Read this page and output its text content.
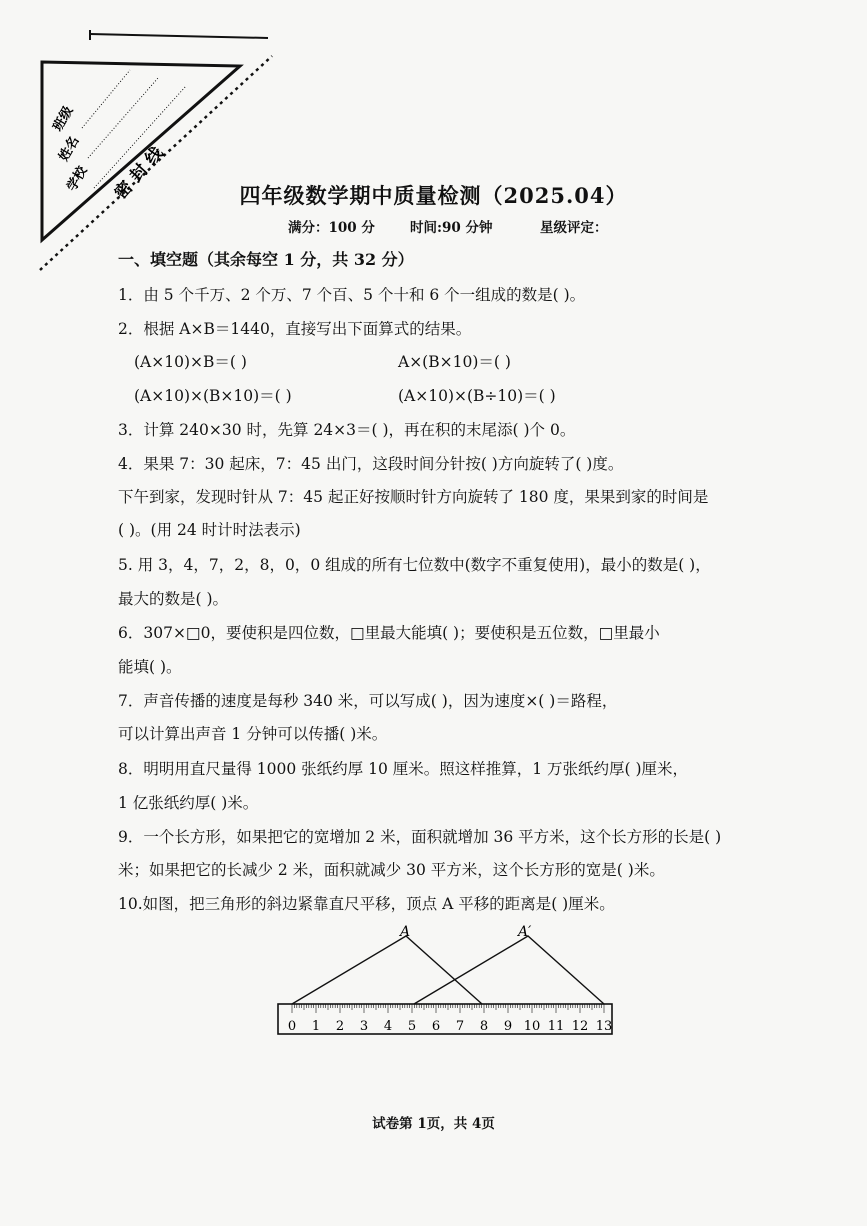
班级
姓名
学校 密 封 线	四年级数学期中质量检测（2025.04）
满分：100 分	时间:90 分钟	星级评定：
一、填空题（其余每空 1 分，共 32 分）
1．由 5 个千万、2 个万、7 个百、5 个十和 6 个一组成的数是( )。
2．根据 A×B＝1440，直接写出下面算式的结果。
(A×10)×B＝( )	A×(B×10)＝( )
(A×10)×(B×10)＝( )	(A×10)×(B÷10)＝( )
3．计算 240×30 时，先算 24×3＝( )，再在积的末尾添( )个 0。
4．果果 7：30 起床，7：45 出门，这段时间分针按( )方向旋转了( )度。
下午到家，发现时针从 7：45 起正好按顺时针方向旋转了 180 度，果果到家的时间是
( )。(用 24 时计时法表示)
5. 用 3，4，7，2，8，0，0 组成的所有七位数中(数字不重复使用)，最小的数是( )，
最大的数是( )。
6．307×□0，要使积是四位数，□里最大能填( )；要使积是五位数，□里最小
能填( )。
7．声音传播的速度是每秒 340 米，可以写成( )，因为速度×( )＝路程，
可以计算出声音 1 分钟可以传播( )米。
8．明明用直尺量得 1000 张纸约厚 10 厘米。照这样推算，1 万张纸约厚( )厘米，
1 亿张纸约厚( )米。
9．一个长方形，如果把它的宽增加 2 米，面积就增加 36 平方米，这个长方形的长是( )
米；如果把它的长减少 2 米，面积就减少 30 平方米，这个长方形的宽是( )米。
10.如图，把三角形的斜边紧靠直尺平移，顶点 A 平移的距离是( )厘米。
0 1 2 3 4 5 6 7 8 9 10 11 12 13
A	A′
试卷第 1页，共 4页
